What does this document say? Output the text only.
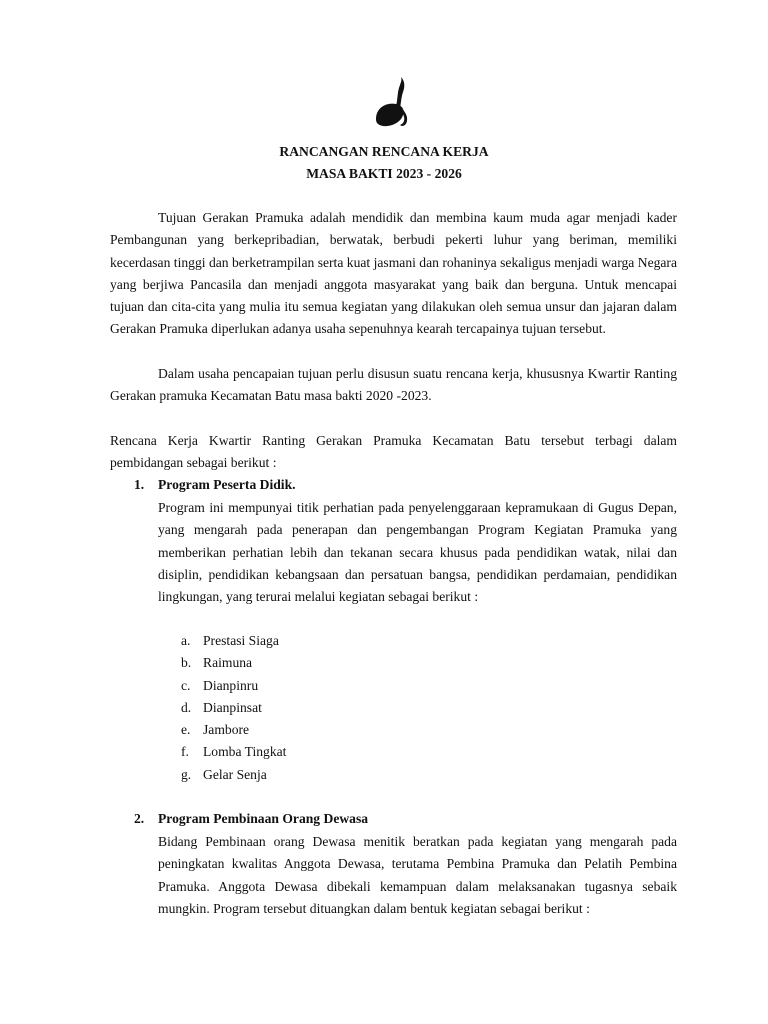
RANCANGAN RENCANA KERJA
MASA BAKTI 2023 - 2026

Tujuan Gerakan Pramuka adalah mendidik dan membina kaum muda agar menjadi kader Pembangunan yang berkepribadian, berwatak, berbudi pekerti luhur yang beriman, memiliki kecerdasan tinggi dan berketrampilan serta kuat jasmani dan rohaninya sekaligus menjadi warga Negara yang berjiwa Pancasila dan menjadi anggota masyarakat yang baik dan berguna. Untuk mencapai tujuan dan cita-cita yang mulia itu semua kegiatan yang dilakukan oleh semua unsur dan jajaran dalam Gerakan Pramuka diperlukan adanya usaha sepenuhnya kearah tercapainya tujuan tersebut.

Dalam usaha pencapaian tujuan perlu disusun suatu rencana kerja, khususnya Kwartir Ranting Gerakan pramuka Kecamatan Batu masa bakti 2020 -2023.

Rencana Kerja Kwartir Ranting Gerakan Pramuka Kecamatan Batu tersebut terbagi dalam pembidangan sebagai berikut :

1. Program Peserta Didik.

Program ini mempunyai titik perhatian pada penyelenggaraan kepramukaan di Gugus Depan, yang mengarah pada penerapan dan pengembangan Program Kegiatan Pramuka yang memberikan perhatian lebih dan tekanan secara khusus pada pendidikan watak, nilai dan disiplin, pendidikan kebangsaan dan persatuan bangsa, pendidikan perdamaian, pendidikan lingkungan, yang terurai melalui kegiatan sebagai berikut :

a. Prestasi Siaga
b. Raimuna
c. Dianpinru
d. Dianpinsat
e. Jambore
f. Lomba Tingkat
g. Gelar Senja
2. Program Pembinaan Orang Dewasa

Bidang Pembinaan orang Dewasa menitik beratkan pada kegiatan yang mengarah pada peningkatan kwalitas Anggota Dewasa, terutama Pembina Pramuka dan Pelatih Pembina Pramuka. Anggota Dewasa dibekali kemampuan dalam melaksanakan tugasnya sebaik mungkin. Program tersebut dituangkan dalam bentuk kegiatan sebagai berikut :
